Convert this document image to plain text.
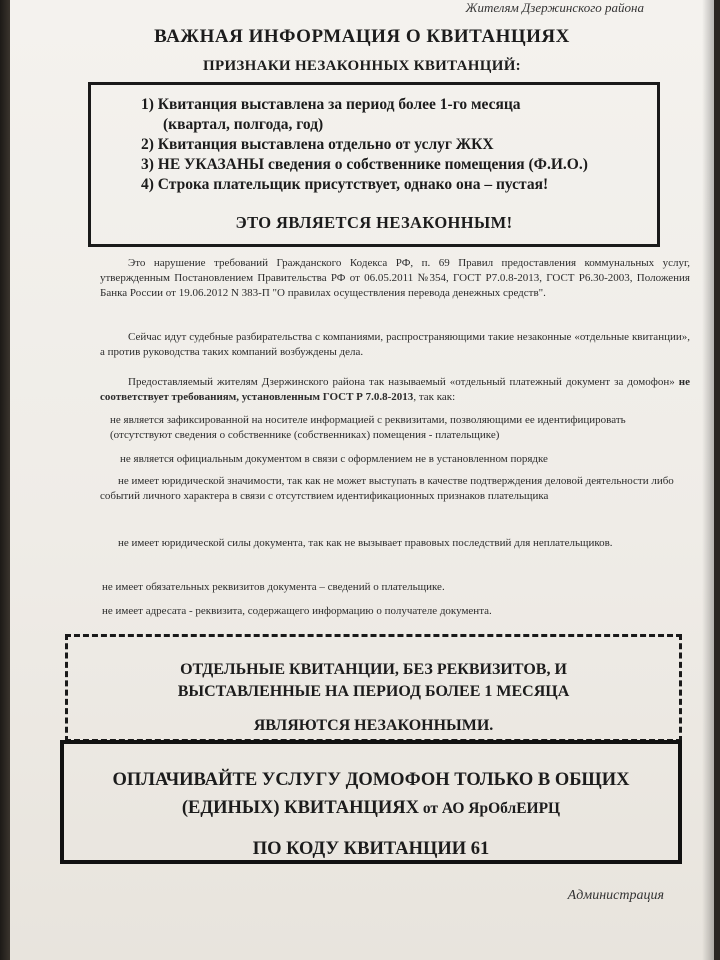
Жителям Дзержинского района
ВАЖНАЯ ИНФОРМАЦИЯ О КВИТАНЦИЯХ
ПРИЗНАКИ НЕЗАКОННЫХ КВИТАНЦИЙ:
1) Квитанция выставлена за период более 1-го месяца
(квартал, полгода, год)
2) Квитанция выставлена отдельно от услуг ЖКХ
3) НЕ УКАЗАНЫ сведения о собственнике помещения (Ф.И.О.)
4) Строка плательщик присутствует, однако она – пустая!
ЭТО ЯВЛЯЕТСЯ НЕЗАКОННЫМ!
Это нарушение требований Гражданского Кодекса РФ, п. 69 Правил предоставления коммунальных услуг, утвержденным Постановлением Правительства РФ от 06.05.2011 №354, ГОСТ Р7.0.8-2013, ГОСТ Р6.30-2003, Положения Банка России от 19.06.2012 N 383-П "О правилах осуществления перевода денежных средств".
Сейчас идут судебные разбирательства с компаниями, распространяющими такие незаконные «отдельные квитанции», а против руководства таких компаний возбуждены дела.
Предоставляемый жителям Дзержинского района так называемый «отдельный платежный документ за домофон» не соответствует требованиям, установленным ГОСТ Р 7.0.8-2013, так как:
не является зафиксированной на носителе информацией с реквизитами, позволяющими ее идентифицировать (отсутствуют сведения о собственнике (собственниках) помещения - плательщике)
не является официальным документом в связи с оформлением не в установленном порядке
не имеет юридической значимости, так как не может выступать в качестве подтверждения деловой деятельности либо событий личного характера в связи с отсутствием идентификационных признаков плательщика
не имеет юридической силы документа, так как не вызывает правовых последствий для неплательщиков.
не имеет обязательных реквизитов документа – сведений о плательщике.
не имеет адресата - реквизита, содержащего информацию о получателе документа.
ОТДЕЛЬНЫЕ КВИТАНЦИИ, БЕЗ РЕКВИЗИТОВ, И
ВЫСТАВЛЕННЫЕ НА ПЕРИОД БОЛЕЕ 1 МЕСЯЦА
ЯВЛЯЮТСЯ НЕЗАКОННЫМИ.
ОПЛАЧИВАЙТЕ УСЛУГУ ДОМОФОН ТОЛЬКО В ОБЩИХ
(ЕДИНЫХ) КВИТАНЦИЯХ от АО ЯрОблЕИРЦ
ПО КОДУ КВИТАНЦИИ 61
Администрация
